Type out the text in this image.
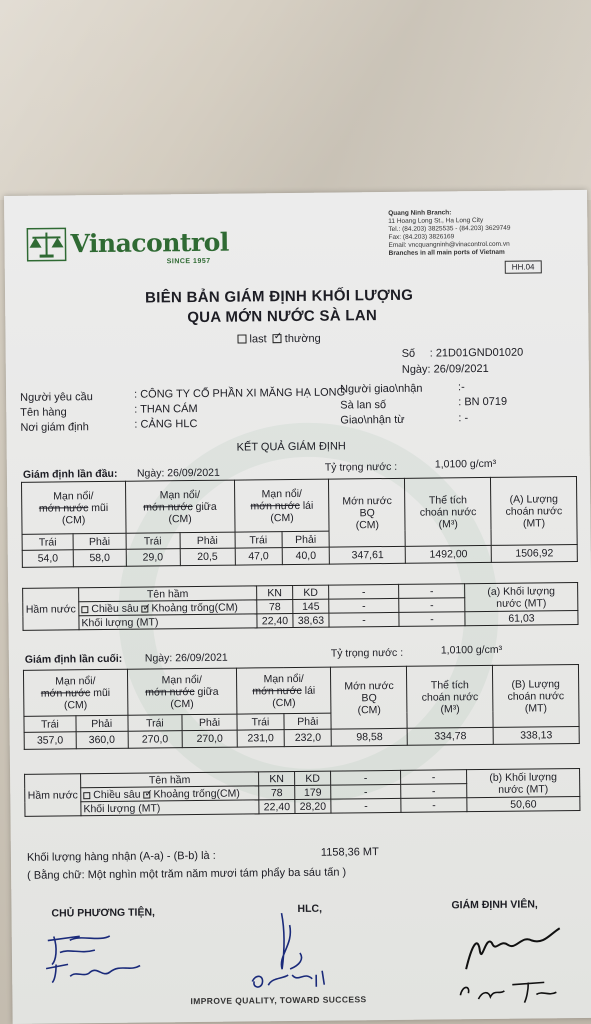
Vinacontrol
SINCE 1957
Quang Ninh Branch:
11 Hoang Long St., Ha Long City
Tel.: (84.203) 3825535 - (84.203) 3629749
Fax: (84.203) 3826169
Email: vncquangninh@vinacontrol.com.vn
Branches in all main ports of Vietnam
HH.04
BIÊN BẢN GIÁM ĐỊNH KHỐI LƯỢNG
QUA MỚN NƯỚC SÀ LAN
last ✓ thường
Số : 21D01GND01020
Ngày: 26/09/2021
Người yêu cầu	: CÔNG TY CỔ PHẦN XI MĂNG HẠ LONG
Tên hàng	: THAN CÁM
Nơi giám định	: CẢNG HLC
Người giao\nhận	:-
Sà lan số	: BN 0719
Giao\nhận từ	: -
KẾT QUẢ GIÁM ĐỊNH
Giám định lần đầu: Ngày: 26/09/2021	Tỷ trọng nước :	1,0100 g/cm³
Mạn nổi/
mớn nước mũi
(CM)		Mạn nổi/
mớn nước giữa
(CM)		Mạn nổi/
mớn nước lái
(CM)		Mớn nước
BQ
(CM)	Thể tích
choán nước
(M³)	(A) Lượng
choán nước
(MT)
Trái	Phải	Trái	Phải	Trái	Phải			
54,0	58,0	29,0	20,5	47,0	40,0	347,61	1492,00	1506,92
Hầm nước	Tên hầm	KN	KD	-	-	(a) Khối lượng
nước (MT)
	Chiều sâu ✓ Khoảng trống(CM)	78	145	-	-	
	Khối lượng (MT)	22,40	38,63	-	-	61,03
Giám định lần cuối: Ngày: 26/09/2021	Tỷ trọng nước :	1,0100 g/cm³
Mạn nổi/
mớn nước mũi
(CM)		Mạn nổi/
mớn nước giữa
(CM)		Mạn nổi/
mớn nước lái
(CM)		Mớn nước
BQ
(CM)	Thể tích
choán nước
(M³)	(B) Lượng
choán nước
(MT)
Trái	Phải	Trái	Phải	Trái	Phải			
357,0	360,0	270,0	270,0	231,0	232,0	98,58	334,78	338,13
Hầm nước	Tên hầm	KN	KD	-	-	(b) Khối lượng
nước (MT)
	Chiều sâu ✓ Khoảng trống(CM)	78	179	-	-	
	Khối lượng (MT)	22,40	28,20	-	-	50,60
Khối lượng hàng nhận (A-a) - (B-b) là :	1158,36 MT
( Bằng chữ: Một nghìn một trăm năm mươi tám phẩy ba sáu tấn )
CHỦ PHƯƠNG TIỆN,	HLC,	GIÁM ĐỊNH VIÊN,
IMPROVE QUALITY, TOWARD SUCCESS
